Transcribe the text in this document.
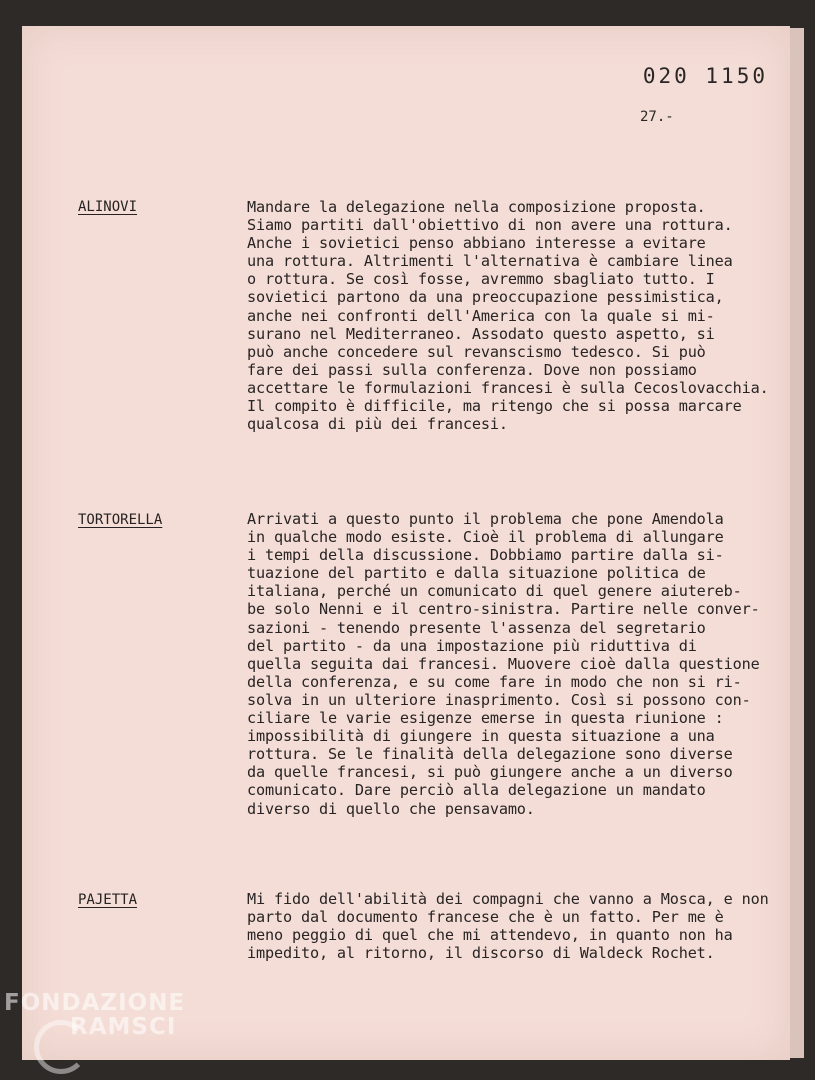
020 1150
27.-
ALINOVI	Mandare la delegazione nella composizione proposta.
Siamo partiti dall'obiettivo di non avere una rottura.
Anche i sovietici penso abbiano interesse a evitare
una rottura. Altrimenti l'alternativa è cambiare linea
o rottura. Se così fosse, avremmo sbagliato tutto. I
sovietici partono da una preoccupazione pessimistica,
anche nei confronti dell'America con la quale si mi-
surano nel Mediterraneo. Assodato questo aspetto, si
può anche concedere sul revanscismo tedesco. Si può
fare dei passi sulla conferenza. Dove non possiamo
accettare le formulazioni francesi è sulla Cecoslovacchia.
Il compito è difficile, ma ritengo che si possa marcare
qualcosa di più dei francesi.

TORTORELLA	Arrivati a questo punto il problema che pone Amendola
in qualche modo esiste. Cioè il problema di allungare
i tempi della discussione. Dobbiamo partire dalla si-
tuazione del partito e dalla situazione politica de
italiana, perché un comunicato di quel genere aiutereb-
be solo Nenni e il centro-sinistra. Partire nelle conver-
sazioni - tenendo presente l'assenza del segretario
del partito - da una impostazione più riduttiva di
quella seguita dai francesi. Muovere cioè dalla questione
della conferenza, e su come fare in modo che non si ri-
solva in un ulteriore inasprimento. Così si possono con-
ciliare le varie esigenze emerse in questa riunione :
impossibilità di giungere in questa situazione a una
rottura. Se le finalità della delegazione sono diverse
da quelle francesi, si può giungere anche a un diverso
comunicato. Dare perciò alla delegazione un mandato
diverso di quello che pensavamo.

PAJETTA	Mi fido dell'abilità dei compagni che vanno a Mosca, e non
parto dal documento francese che è un fatto. Per me è
meno peggio di quel che mi attendevo, in quanto non ha
impedito, al ritorno, il discorso di Waldeck Rochet.

FONDAZIONE
RAMSCI
